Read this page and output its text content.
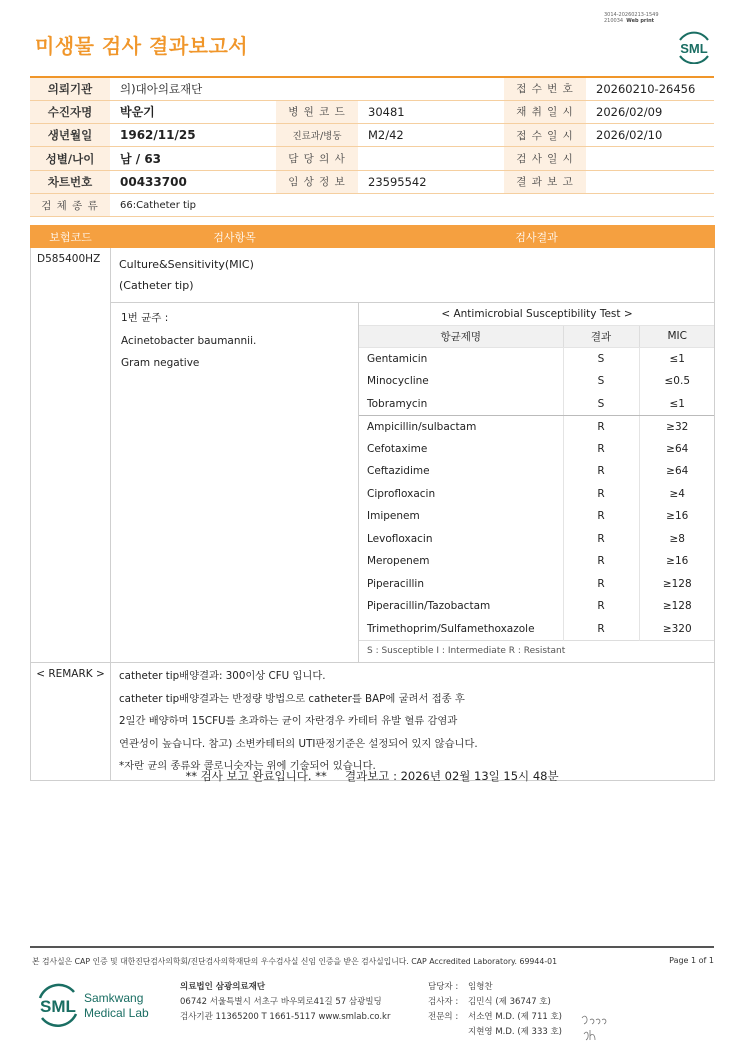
3014-20260213-1549
210034 Web print
미생물 검사 결과보고서	SML
의뢰기관	의)대아의료재단			접 수 번 호	20260210-26456
수진자명	박운기	병 원 코 드	30481	채 취 일 시	2026/02/09
생년월일	1962/11/25	진료과/병동	M2/42	접 수 일 시	2026/02/10
성별/나이	남 / 63	담 당 의 사		검 사 일 시	
차트번호	00433700	임 상 정 보	23595542	결 과 보 고	
검 체 종 류	66:Catheter tip				
보험코드	검사항목	검사결과
D585400HZ	Culture&Sensitivity(MIC)
(Catheter tip)

1번 균주 :
Acinetobacter baumannii.
Gram negative

< Antimicrobial Susceptibility Test >
항균제명	결과	MIC
Gentamicin	S	≤1
Minocycline	S	≤0.5
Tobramycin	S	≤1
Ampicillin/sulbactam	R	≥32
Cefotaxime	R	≥64
Ceftazidime	R	≥64
Ciprofloxacin	R	≥4
Imipenem	R	≥16
Levofloxacin	R	≥8
Meropenem	R	≥16
Piperacillin	R	≥128
Piperacillin/Tazobactam	R	≥128
Trimethoprim/Sulfamethoxazole	R	≥320
S : Susceptible I : Intermediate R : Resistant

< REMARK >	catheter tip배양결과: 300이상 CFU 입니다.
catheter tip배양결과는 반정량 방법으로 catheter를 BAP에 굴려서 접종 후
2일간 배양하며 15CFU를 초과하는 균이 자란경우 카테터 유발 혈류 감염과
연관성이 높습니다. 참고) 소변카테터의 UTI판정기준은 설정되어 있지 않습니다.
*자란 균의 종류와 콜로니숫자는 위에 기술되어 있습니다.
** 검사 보고 완료입니다. **     결과보고 : 2026년 02월 13일 15시 48분
본 검사실은 CAP 인증 및 대한진단검사의학회/진단검사의학재단의 우수검사실 신임 인증을 받은 검사실입니다. CAP Accredited Laboratory. 69944-01	Page 1 of 1
SML Samkwang
Medical Lab
의료법인 삼광의료재단
06742 서울특별시 서초구 바우뫼로41길 57 삼광빌딩
검사기관 11365200 T 1661-5117 www.smlab.co.kr
담당자 :	임형찬
검사자 :	김민식 (제 36747 호)
전문의 :	서소연 M.D. (제 711 호)
지현영 M.D. (제 333 호)
